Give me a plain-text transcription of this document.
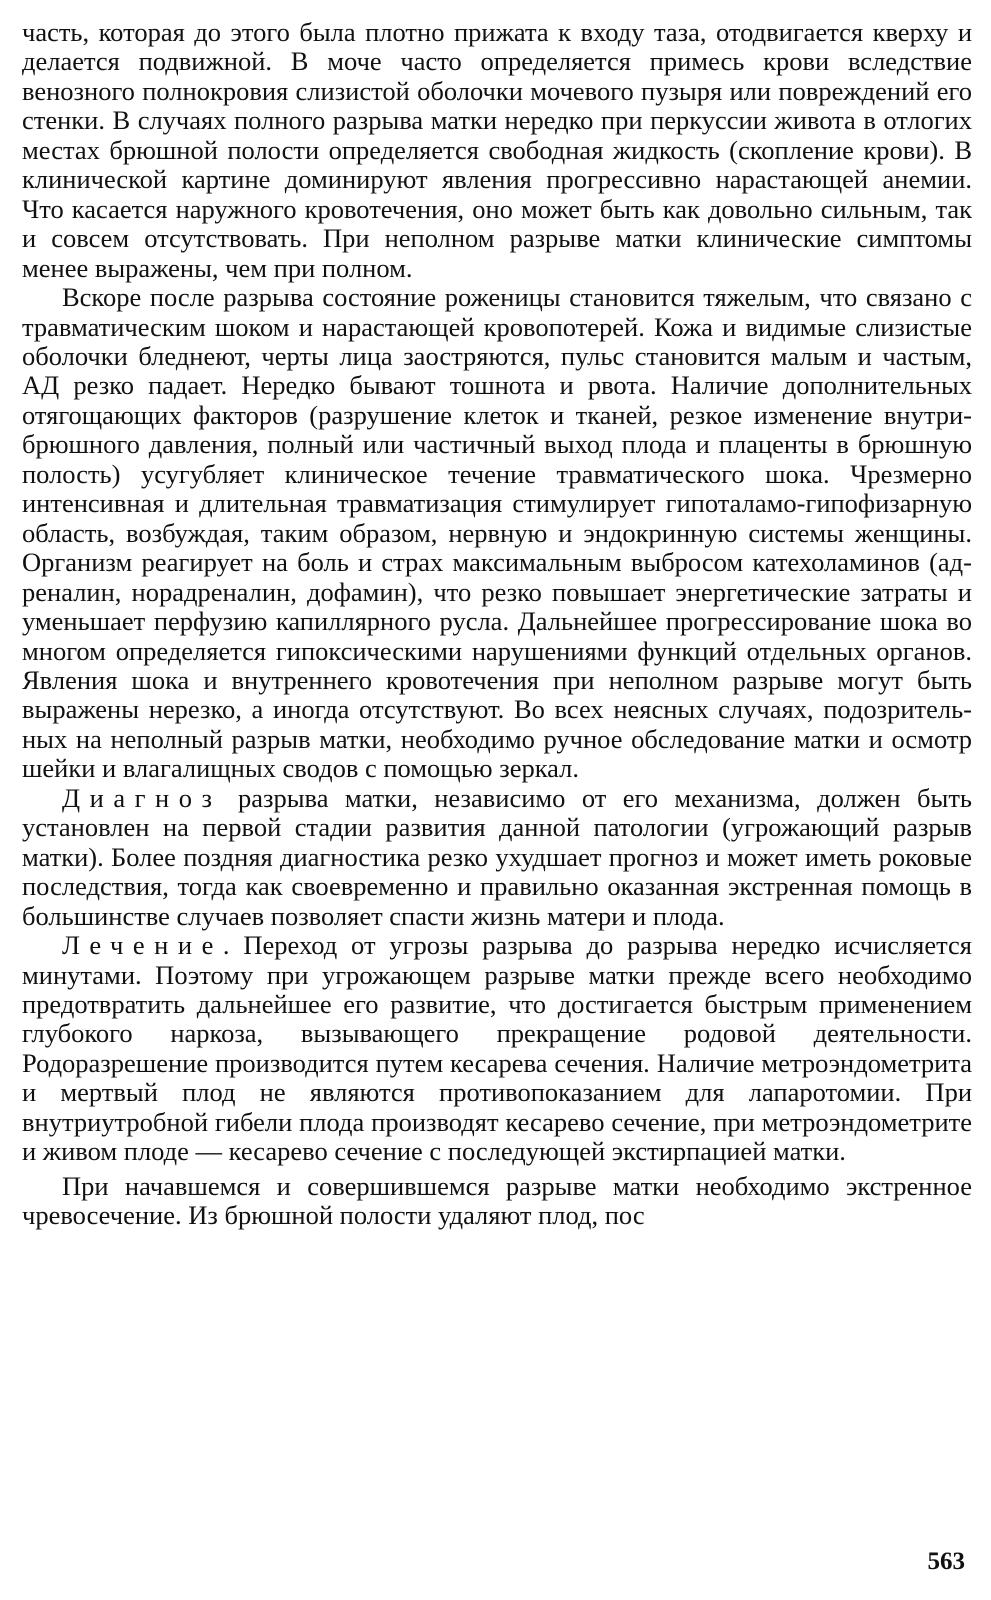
часть, которая до этого была плотно прижата к входу таза, отодвигается кверху и делается подвижной. В моче часто определяется примесь крови вследствие венозного полнокровия слизистой оболочки мочевого пузыря или повреждений его стенки. В случаях полного разрыва матки нередко при перкуссии живота в отлогих местах брюшной полости определяется свободная жидкость (скопление крови). В клинической картине доминируют явления прогрессивно нарастающей анемии. Что касается наружного кровотечения, оно может быть как довольно сильным, так и совсем отсутствовать. При неполном разрыве матки клинические симптомы менее выражены, чем при полном.

Вскоре после разрыва состояние роженицы становится тяжелым, что связано с травматическим шоком и нарастающей кровопотерей. Кожа и видимые слизистые оболочки бледнеют, черты лица заостряются, пульс становится малым и частым, АД резко падает. Нередко бывают тошнота и рвота. Наличие дополнительных отягощающих факторов (разрушение клеток и тканей, резкое изменение внутрибрюшного давления, полный или частичный выход плода и плаценты в брюшную полость) усугубляет клиническое течение травматического шока. Чрезмерно интенсивная и длительная травматизация стимулирует гипоталамо-гипофизарную область, возбуждая, таким образом, нервную и эндокринную системы женщины. Организм реагирует на боль и страх максимальным выбросом катехоламинов (адреналин, норадреналин, дофамин), что резко повышает энергетические затраты и уменьшает перфузию капиллярного русла. Дальнейшее прогрессирование шока во многом определяется гипоксическими нарушениями функций отдельных органов. Явления шока и внутреннего кровотечения при неполном разрыве могут быть выражены нерезко, а иногда отсутствуют. Во всех неясных случаях, подозрительных на неполный разрыв матки, необходимо ручное обследование матки и осмотр шейки и влагалищных сводов с помощью зеркал.

Диагноз разрыва матки, независимо от его механизма, должен быть установлен на первой стадии развития данной патологии (угрожающий разрыв матки). Более поздняя диагностика резко ухудшает прогноз и может иметь роковые последствия, тогда как своевременно и правильно оказанная экстренная помощь в большинстве случаев позволяет спасти жизнь матери и плода.

Лечение. Переход от угрозы разрыва до разрыва нередко исчисляется минутами. Поэтому при угрожающем разрыве матки прежде всего необходимо предотвратить дальнейшее его развитие, что достигается быстрым применением глубокого наркоза, вызывающего прекращение родовой деятельности. Родоразрешение производится путем кесарева сечения. Наличие метроэндометрита и мертвый плод не являются противопоказанием для лапаротомии. При внутриутробной гибели плода производят кесарево сечение, при метроэндометрите и живом плоде — кесарево сечение с последующей экстирпацией матки.

При начавшемся и совершившемся разрыве матки необходимо экстренное чревосечение. Из брюшной полости удаляют плод, пос

563
